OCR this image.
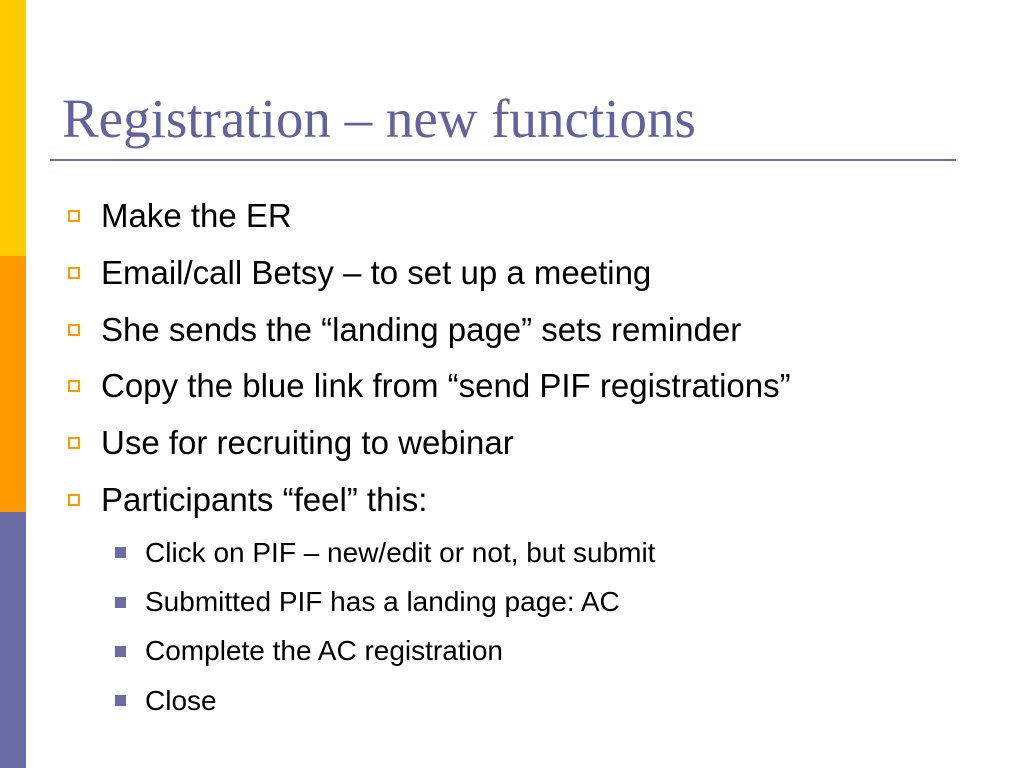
Registration – new functions
Make the ER
Email/call Betsy – to set up a meeting
She sends the “landing page” sets reminder
Copy the blue link from “send PIF registrations”
Use for recruiting to webinar
Participants “feel” this:
Click on PIF – new/edit or not, but submit
Submitted PIF has a landing page: AC
Complete the AC registration
Close
